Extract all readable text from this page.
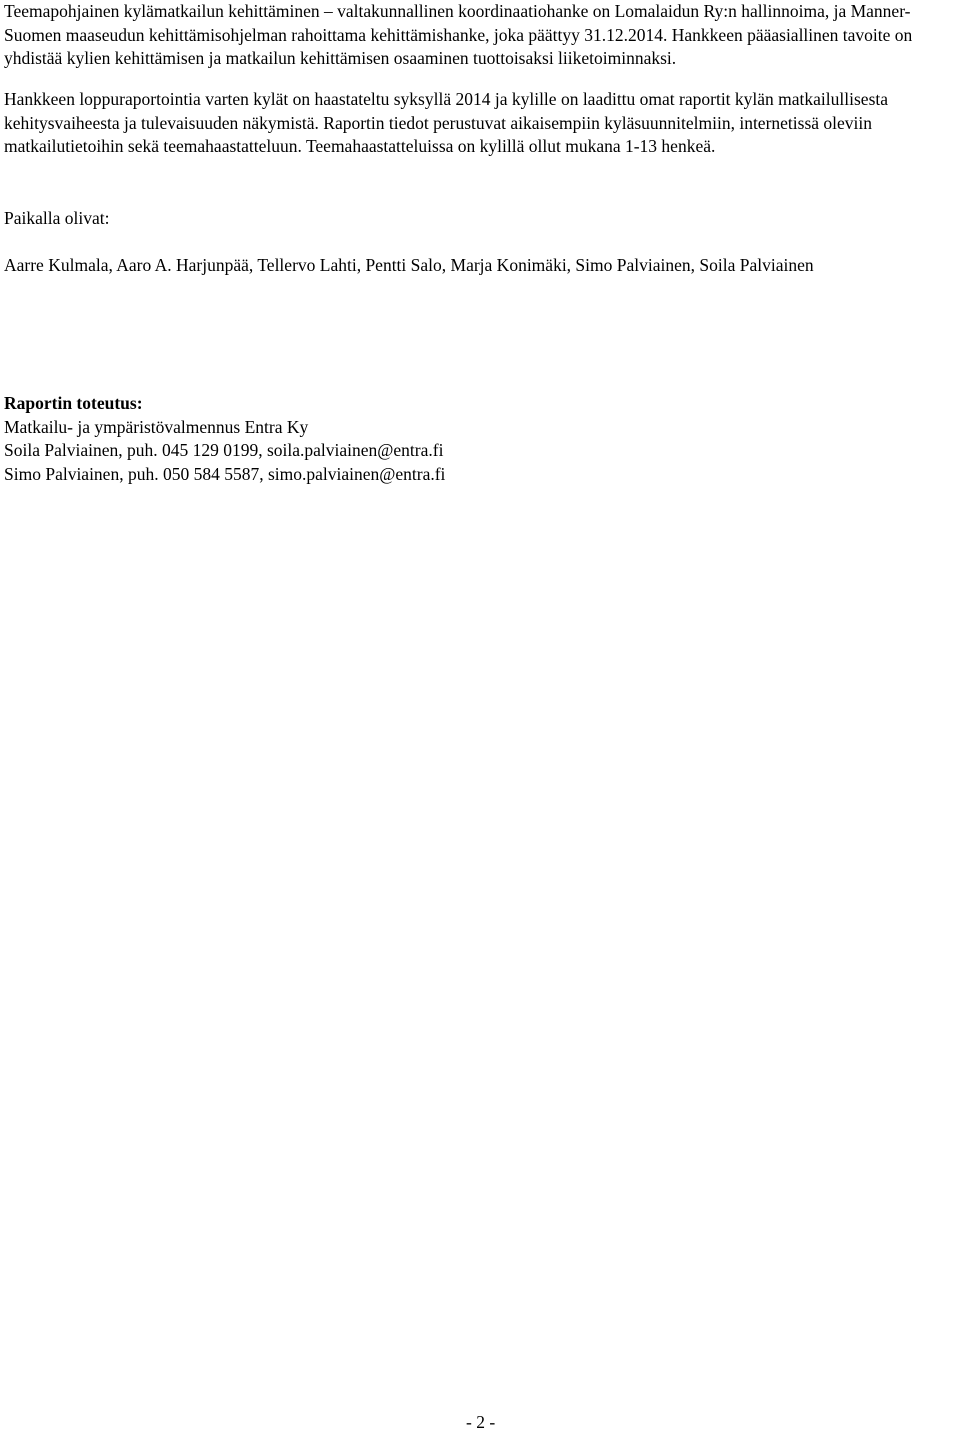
Teemapohjainen kylämatkailun kehittäminen – valtakunnallinen koordinaatiohanke on Lomalaidun Ry:n hallinnoima, ja Manner-Suomen maaseudun kehittämisohjelman rahoittama kehittämishanke, joka päättyy 31.12.2014. Hankkeen pääasiallinen tavoite on yhdistää kylien kehittämisen ja matkailun kehittämisen osaaminen tuottoisaksi liiketoiminnaksi.

Hankkeen loppuraportointia varten kylät on haastateltu syksyllä 2014 ja kylille on laadittu omat raportit kylän matkailullisesta kehitysvaiheesta ja tulevaisuuden näkymistä. Raportin tiedot perustuvat aikaisempiin kyläsuunnitelmiin, internetissä oleviin matkailutietoihin sekä teemahaastatteluun. Teemahaastatteluissa on kylillä ollut mukana 1-13 henkeä.

Paikalla olivat:

Aarre Kulmala, Aaro A. Harjunpää, Tellervo Lahti, Pentti Salo, Marja Konimäki, Simo Palviainen, Soila Palviainen

Raportin toteutus:
Matkailu- ja ympäristövalmennus Entra Ky
Soila Palviainen, puh. 045 129 0199, soila.palviainen@entra.fi
Simo Palviainen, puh. 050 584 5587, simo.palviainen@entra.fi
- 2 -
